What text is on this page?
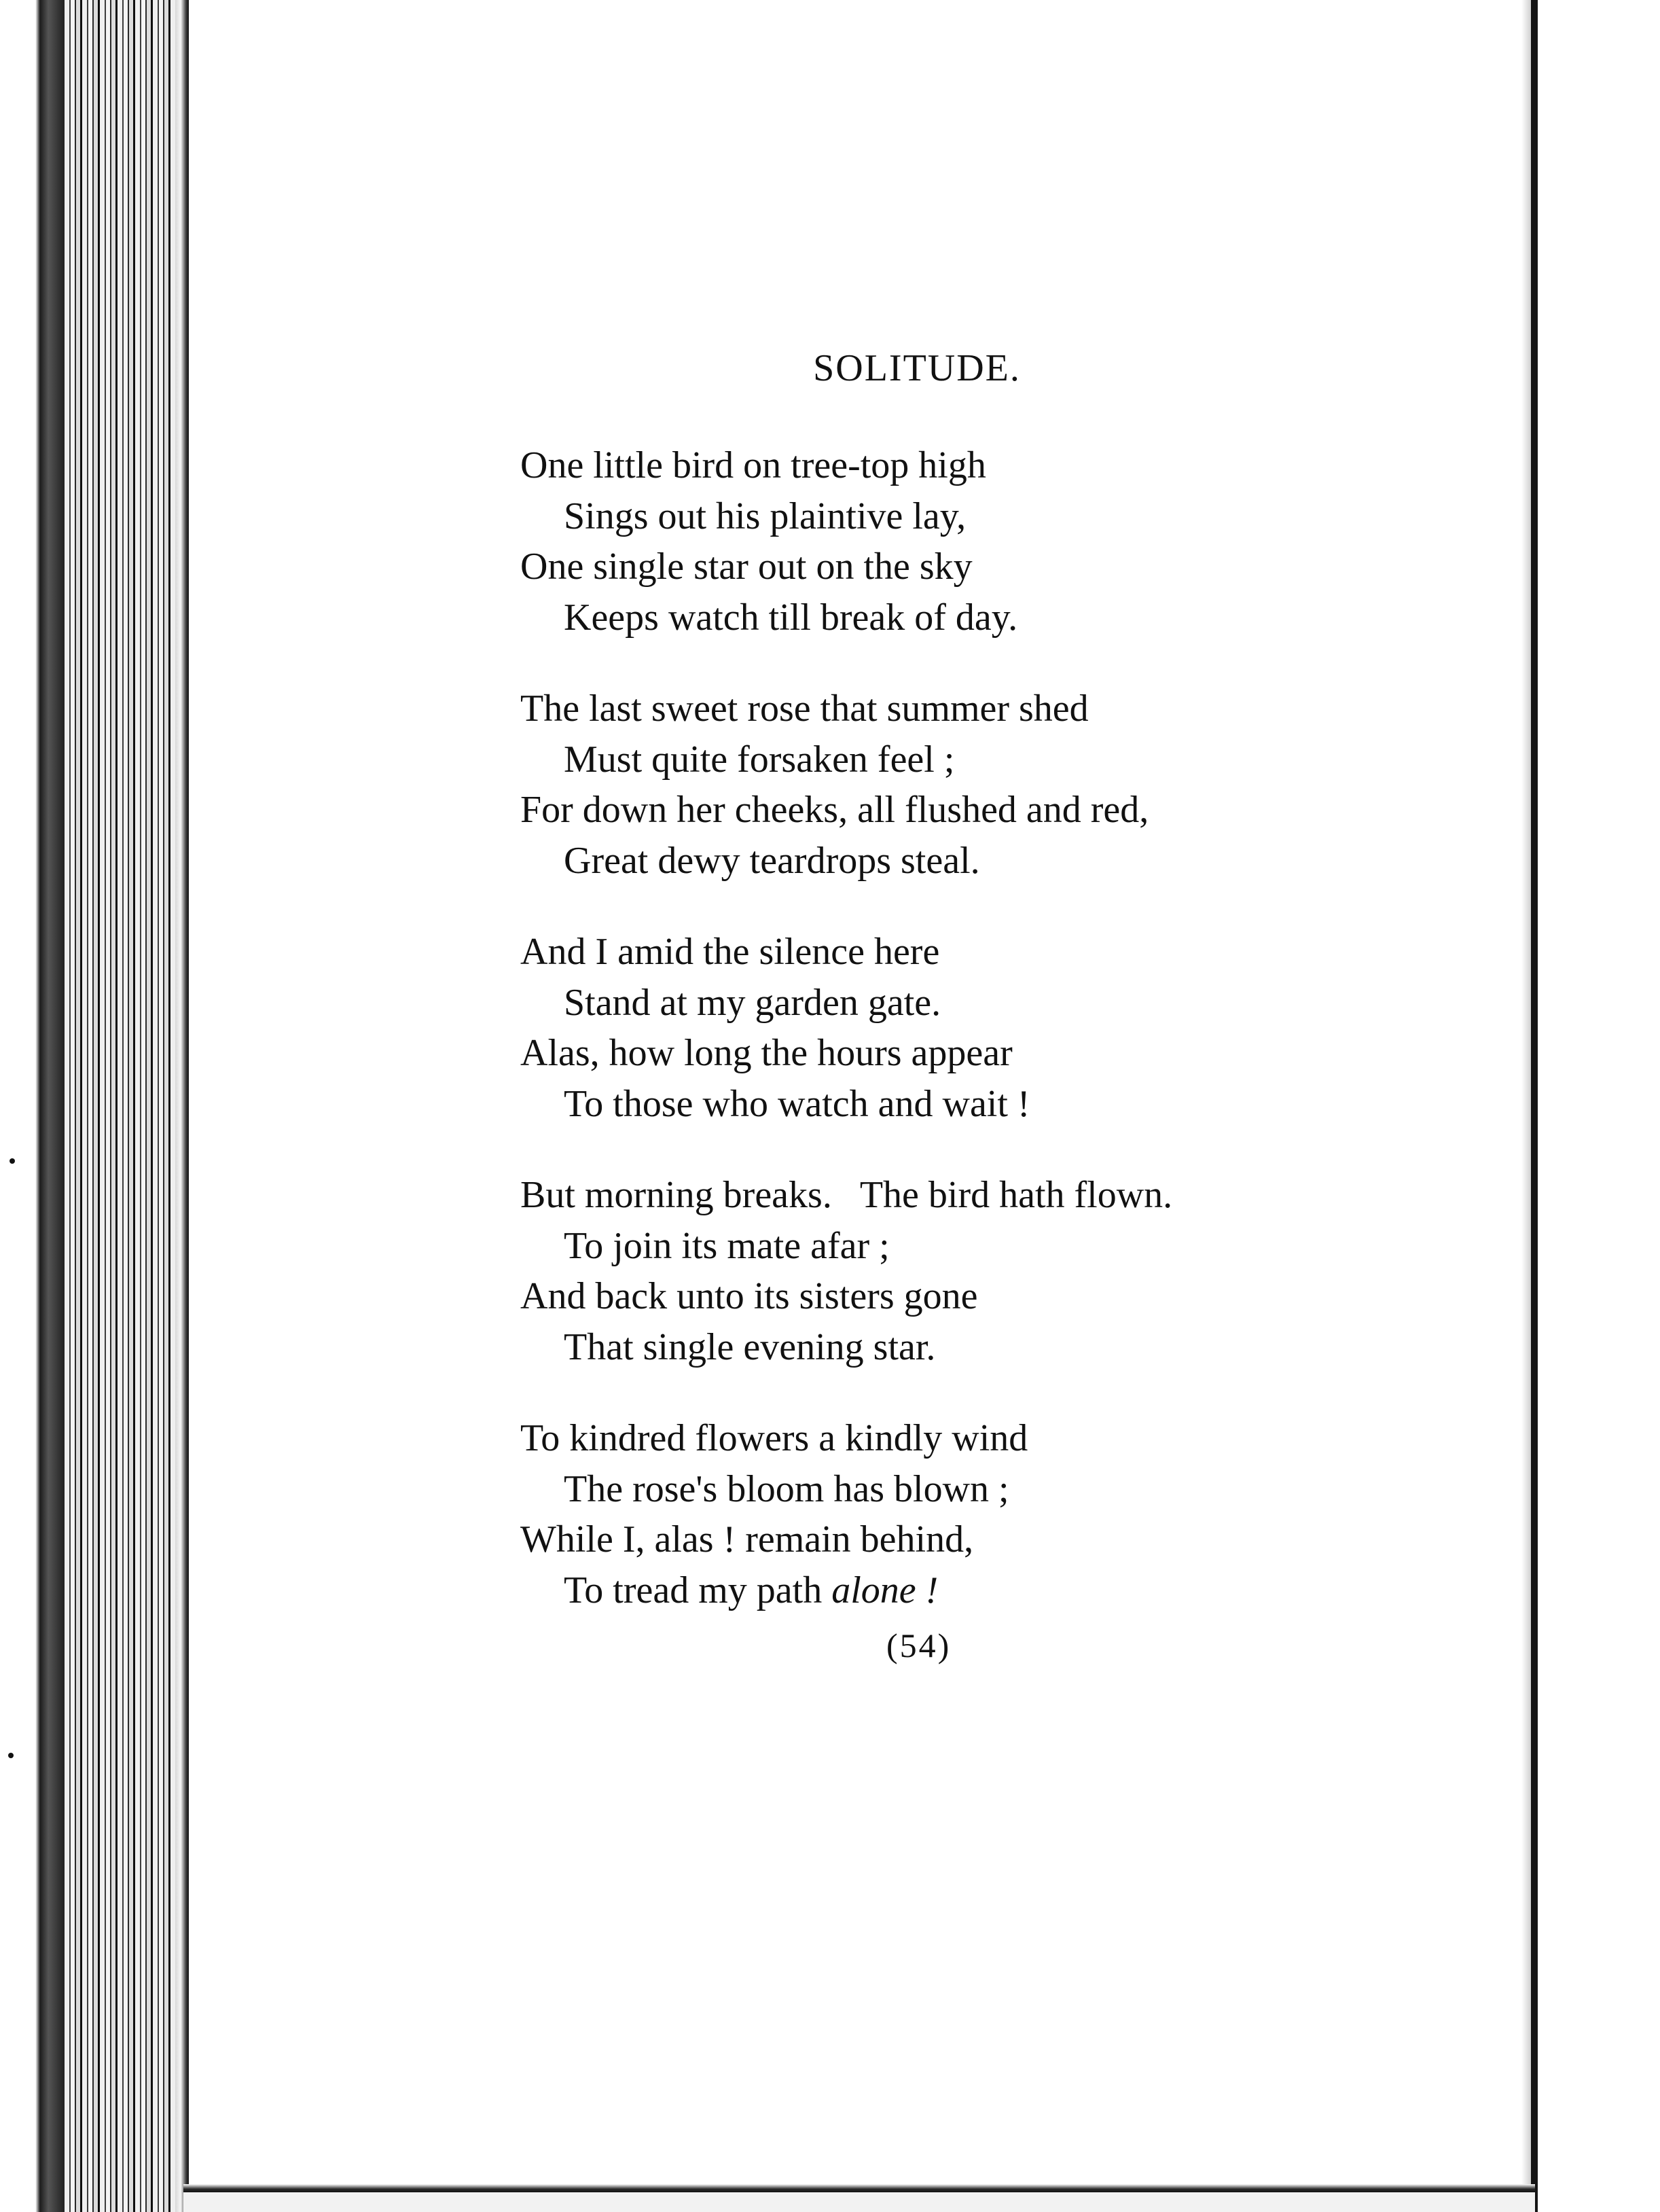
SOLITUDE.
One little bird on tree-top high
Sings out his plaintive lay,
One single star out on the sky
Keeps watch till break of day.
The last sweet rose that summer shed
Must quite forsaken feel ;
For down her cheeks, all flushed and red,
Great dewy teardrops steal.
And I amid the silence here
Stand at my garden gate.
Alas, how long the hours appear
To those who watch and wait !
But morning breaks.   The bird hath flown.
To join its mate afar ;
And back unto its sisters gone
That single evening star.
To kindred flowers a kindly wind
The rose's bloom has blown ;
While I, alas ! remain behind,
To tread my path alone !
(54)
